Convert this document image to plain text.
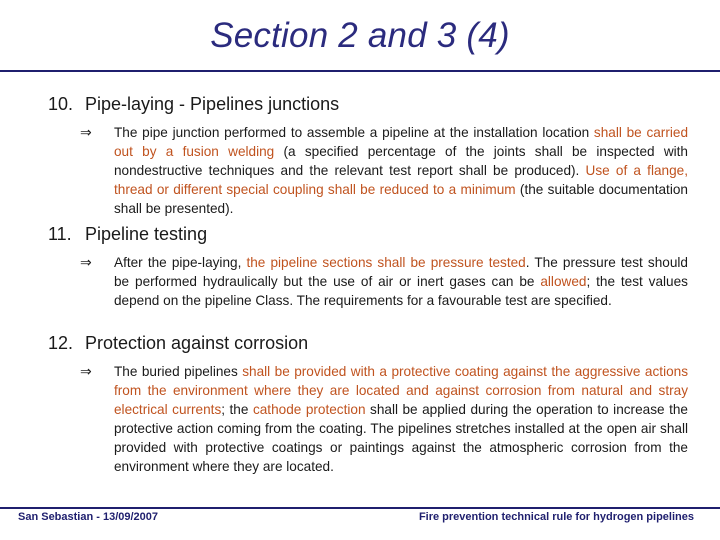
Section 2 and 3 (4)
10. Pipe-laying - Pipelines junctions
⇒ The pipe junction performed to assemble a pipeline at the installation location shall be carried out by a fusion welding (a specified percentage of the joints shall be inspected with nondestructive techniques and the relevant test report shall be produced). Use of a flange, thread or different special coupling shall be reduced to a minimum (the suitable documentation shall be presented).
11. Pipeline testing
⇒ After the pipe-laying, the pipeline sections shall be pressure tested. The pressure test should be performed hydraulically but the use of air or inert gases can be allowed; the test values depend on the pipeline Class. The requirements for a favourable test are specified.
12. Protection against corrosion
⇒ The buried pipelines shall be provided with a protective coating against the aggressive actions from the environment where they are located and against corrosion from natural and stray electrical currents; the cathode protection shall be applied during the operation to increase the protective action coming from the coating. The pipelines stretches installed at the open air shall provided with protective coatings or paintings against the atmospheric corrosion from the environment where they are located.
San Sebastian - 13/09/2007	Fire prevention technical rule for hydrogen pipelines
